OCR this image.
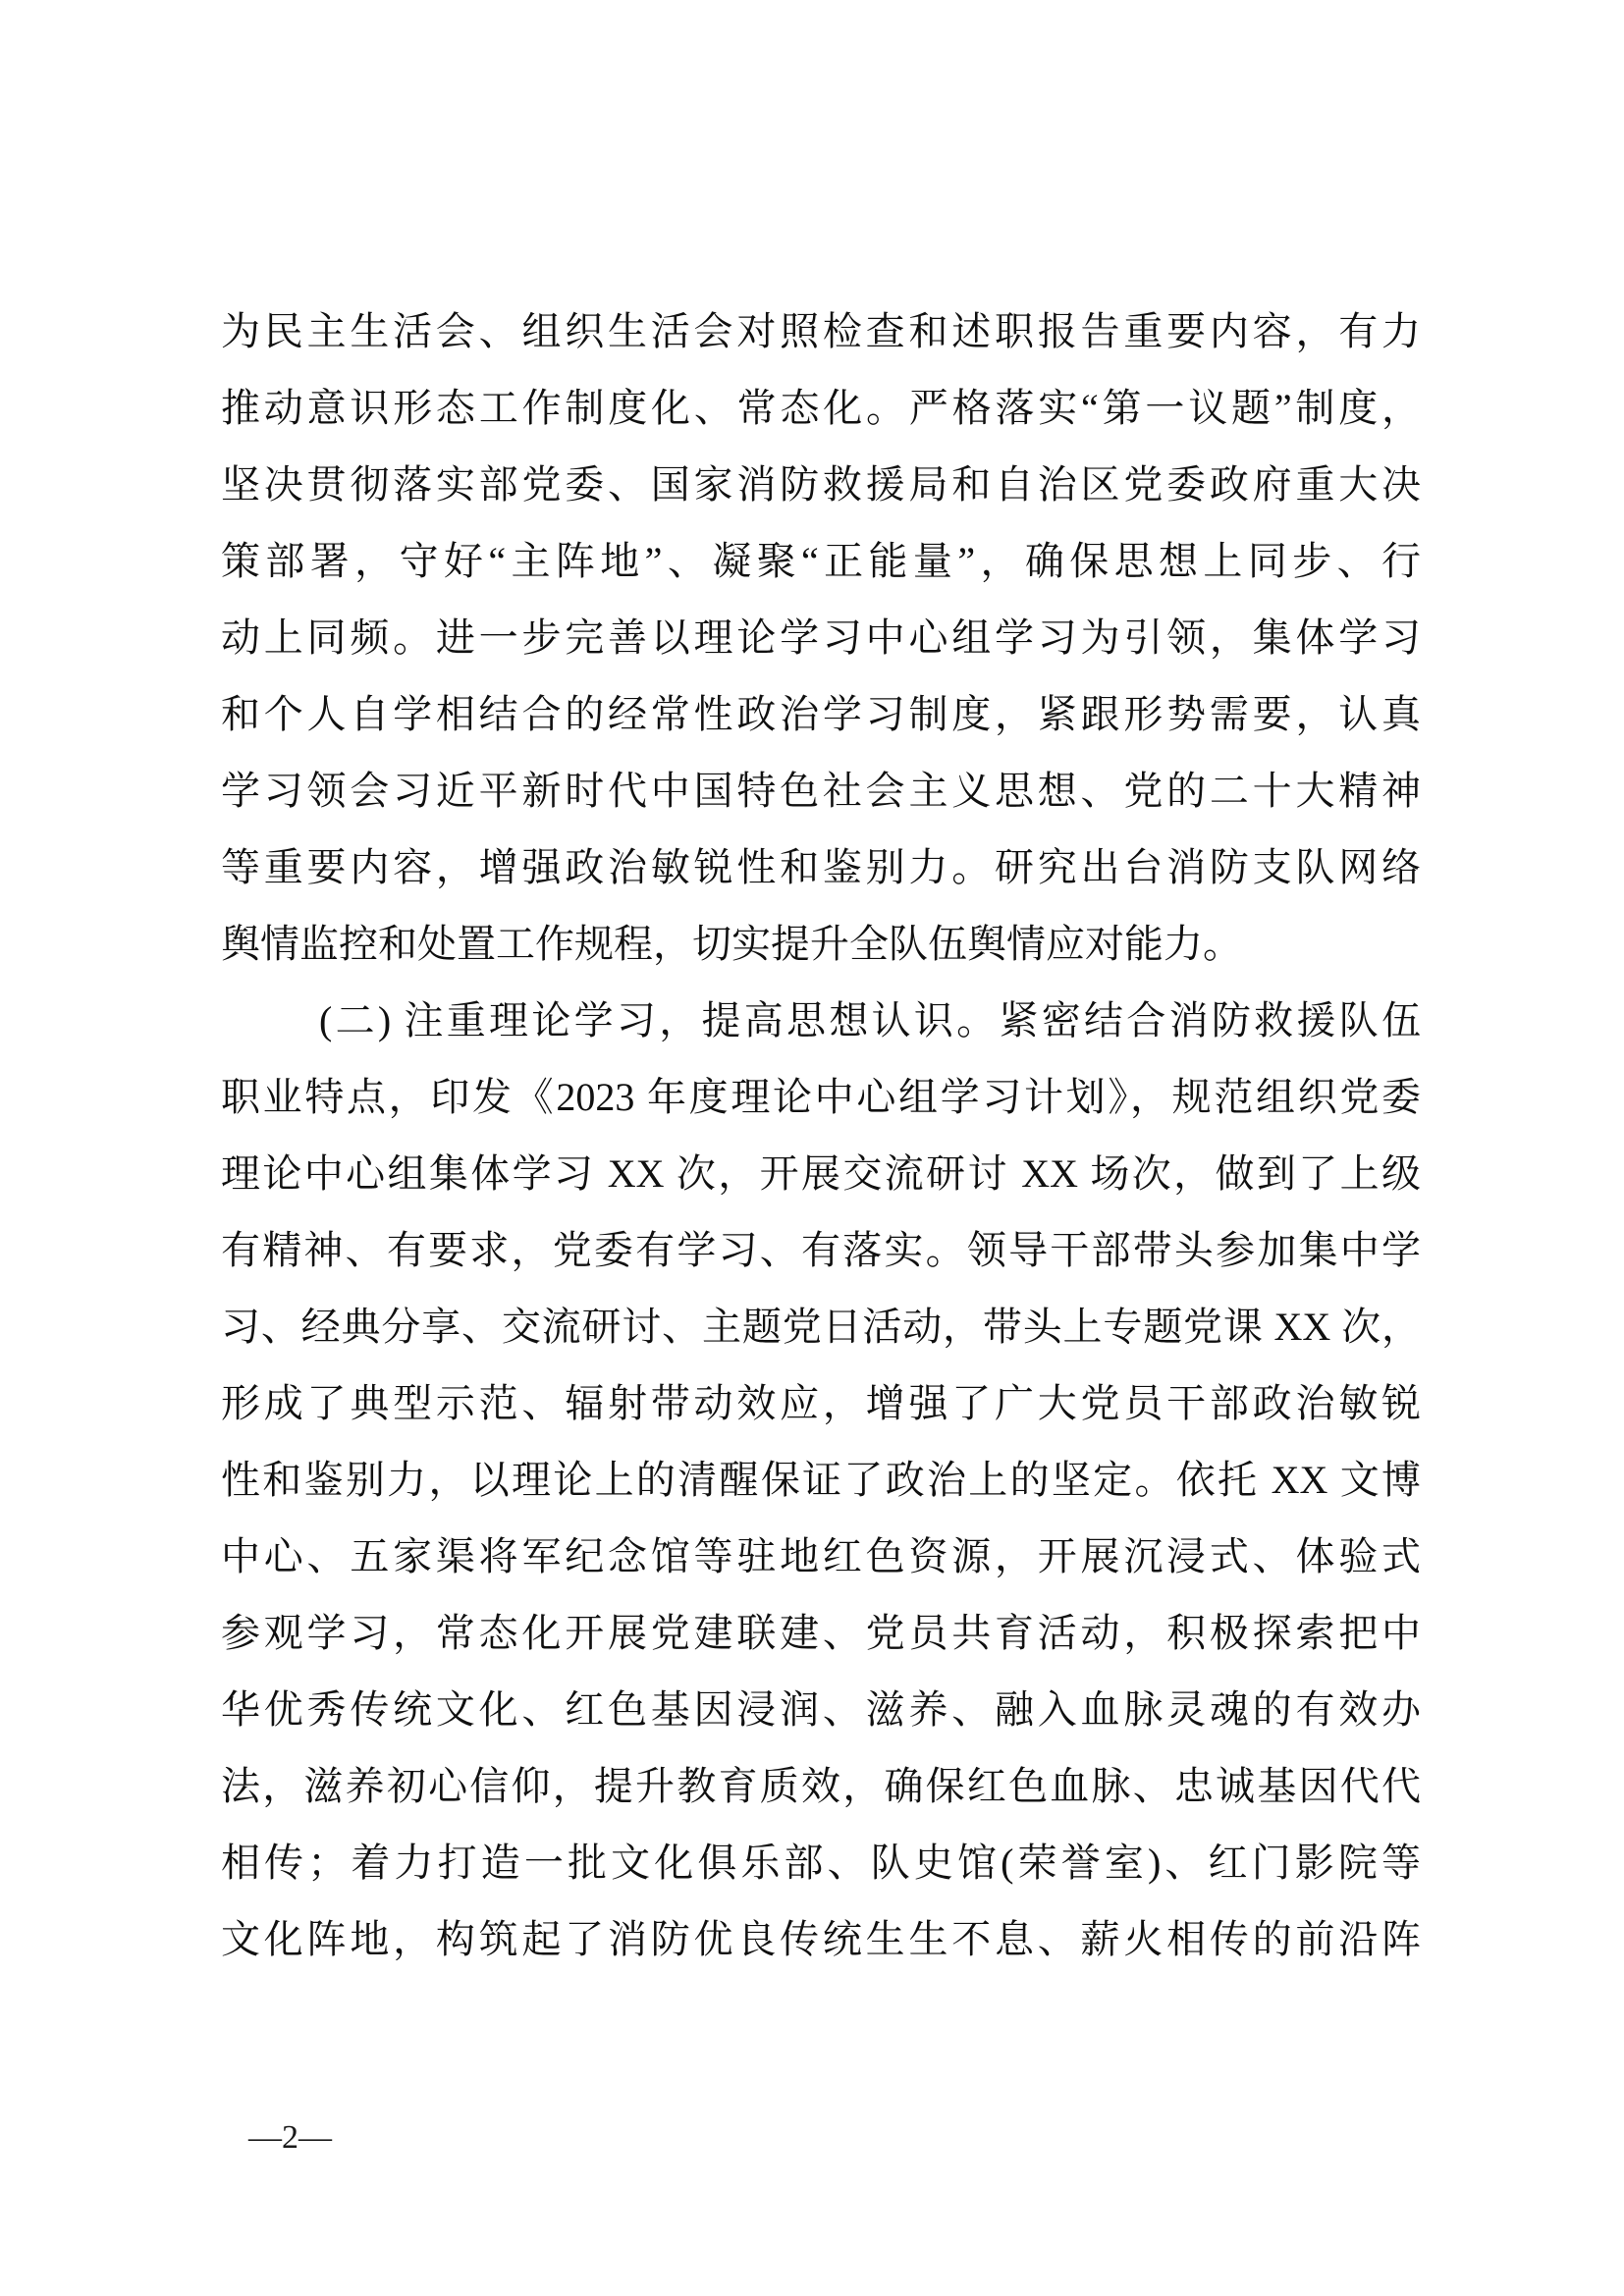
为民主生活会、组织生活会对照检查和述职报告重要内容，有力
推动意识形态工作制度化、常态化。严格落实“第一议题”制度，
坚决贯彻落实部党委、国家消防救援局和自治区党委政府重大决
策部署，守好“主阵地”、凝聚“正能量”，确保思想上同步、行
动上同频。进一步完善以理论学习中心组学习为引领，集体学习
和个人自学相结合的经常性政治学习制度，紧跟形势需要，认真
学习领会习近平新时代中国特色社会主义思想、党的二十大精神
等重要内容，增强政治敏锐性和鉴别力。研究出台消防支队网络
舆情监控和处置工作规程，切实提升全队伍舆情应对能力。
(二) 注重理论学习，提高思想认识。紧密结合消防救援队伍
职业特点，印发《2023 年度理论中心组学习计划》，规范组织党委
理论中心组集体学习 XX 次，开展交流研讨 XX 场次，做到了上级
有精神、有要求，党委有学习、有落实。领导干部带头参加集中学
习、经典分享、交流研讨、主题党日活动，带头上专题党课 XX 次，
形成了典型示范、辐射带动效应，增强了广大党员干部政治敏锐
性和鉴别力，以理论上的清醒保证了政治上的坚定。依托 XX 文博
中心、五家渠将军纪念馆等驻地红色资源，开展沉浸式、体验式
参观学习，常态化开展党建联建、党员共育活动，积极探索把中
华优秀传统文化、红色基因浸润、滋养、融入血脉灵魂的有效办
法，滋养初心信仰，提升教育质效，确保红色血脉、忠诚基因代代
相传；着力打造一批文化俱乐部、队史馆(荣誉室)、红门影院等
文化阵地，构筑起了消防优良传统生生不息、薪火相传的前沿阵
—2—
